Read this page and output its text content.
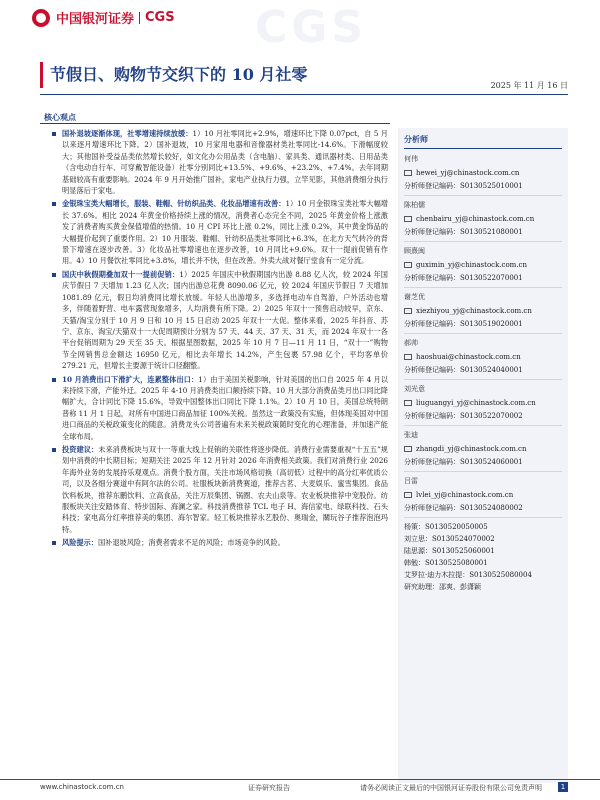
中国银河证券 CGS CGS
节假日、购物节交织下的 10 月社零
2025 年 11 月 16 日
核心观点
国补退坡逐渐体现，社零增速持续放缓：1）10 月社零同比+2.9%，增速环比下降 0.07pct，自 5 月以来逐月增速环比下降。2）国补退坡，10 月家用电器和音像器材类社零同比-14.6%。下滑幅度较大；其他国补受益品类依然增长较好，如文化办公用品类（含电脑）、家具类、通讯器材类、日用品类（含电动自行车、可穿戴智能设备）社零分别同比+13.5%、+9.6%、+23.2%、+7.4%。去年同期基础较高有重要影响。2024 年 9 月开始推广国补，家电产业执行力强，立竿见影，其他消费细分执行明显落后于家电。
金银珠宝类大幅增长，服装、鞋帽、针纺织品类、化妆品增速有改善：1）10 月金银珠宝类社零大幅增长 37.6%。相比 2024 年黄金价格持续上涨的情况，消费者心态完全不同，2025 年黄金价格上涨激发了消费者购买黄金保值增值的热情。10 月 CPI 环比上涨 0.2%，同比上涨 0.2%，其中黄金饰品的大幅提价起到了重要作用。2）10 月服装、鞋帽、针纺织品类社零同比+6.3%，在北方天气转冷的背景下增速在逐步改善。3）化妆品社零增速也在逐步改善，10 月同比+9.6%。双十一提前促销有作用。4）10 月餐饮社零同比+3.8%，增长并不快，但在改善。外卖大战对餐厅堂食有一定分流。
国庆中秋假期叠加双十一提前促销：1）2025 年国庆中秋假期国内出游 8.88 亿人次，较 2024 年国庆节假日 7 天增加 1.23 亿人次；国内出游总花费 8090.06 亿元，较 2024 年国庆节假日 7 天增加 1081.89 亿元，假日均消费同比增长放缓。年轻人出游增多，多选择电动车自驾游，户外活动也增多，伴随着野营、电车露营现象增多，人均消费有所下降。2）2025 年双十一预售启动较早，京东、天猫/淘宝分别于 10 月 9 日和 10 月 15 日启动 2025 年双十一大促。整体来看，2025 年抖音、苏宁、京东、淘宝/天猫双十一大促周期预计分别为 57 天、44 天、37 天、31 天，而 2024 年双十一各平台促销周期为 29 天至 35 天。根据星图数据，2025 年 10 月 7 日—11 月 11 日，“双十一”购物节全网销售总金额达 16950 亿元，相比去年增长 14.2%，产生包裹 57.98 亿个，平均客单价 279.21 元，但增长主要源于统计口径翻整。
10 月消费出口下滑扩大，连累整体出口：1）由于美国关税影响，针对美国的出口自 2025 年 4 月以来持续下滑，产能外迁。2025 年 4-10 月消费类出口额持续下降。10 月大部分消费品类月出口同比降幅扩大，合计同比下降 15.6%，导致中国整体出口同比下降 1.1%。2）10 月 10 日，美国总统特朗普称 11 月 1 日起，对所有中国进口商品加征 100%关税。虽然这一政策没有实施，但体现美国对中国进口商品的关税政策变化的随意。消费龙头公司普遍有未来关税政策随时变化的心理准备，并加速产能全球布局。
投资建议：未来消费板块与双十一等重大线上促销的关联性将逐步降低。消费行业需要重视“十五五”规划中消费的中长期目标；短期关注 2025 年 12 月针对 2026 年消费相关政策。我们对消费行业 2026 年海外业务的发展持乐观观点。消费个股方面，关注市场风格切换（高切低）过程中的高分红率优质公司，以及各细分赛道中有阿尔法的公司。社服板块新消费赛道，推荐古茗、大麦娱乐、蜜雪集团。食品饮料板块，推荐东鹏饮料、立高食品，关注万辰集团、锅圈、农夫山泉等。农业板块推荐中宠股份。纺服板块关注安踏体育、特步国际、海澜之家。科技消费推荐 TCL 电子 H、海信家电、绿联科技、石头科技；家电高分红率推荐美的集团、海尔智家。轻工板块推荐永艺股份、奥瑞金，關玩谷子推荐泡泡玛特。
风险提示：国补退坡风险；消费者需求不足的风险；市场竞争的风险。
分析师
何伟
hewei_yj@chinastock.com.cn
分析师登记编码：S0130525010001
陈柏儒
chenbairu_yj@chinastock.com.cn
分析师登记编码：S0130521080001
顾熹闽
guximin_yj@chinastock.com.cn
分析师登记编码：S0130522070001
谢芝优
xiezhiyou_yj@chinastock.com.cn
分析师登记编码：S0130519020001
郝帅
haoshuai@chinastock.com.cn
分析师登记编码：S0130524040001
刘光意
liuguangyi_yj@chinastock.com.cn
分析师登记编码：S0130522070002
张迪
zhangdi_yj@chinastock.com.cn
分析师登记编码：S0130524060001
吕雷
lvlei_yj@chinastock.com.cn
分析师登记编码：S0130524080002
杨策：S0130520050005
刘立思：S0130524070002
陆思源：S0130525060001
韩勉：S0130525080001
艾罗拉·迪力木拉提：S0130525080004
研究助理：邵爽、彭潇颖
www.chinastock.com.cn	证券研究报告	请务必阅读正文最后的中国银河证券股份有限公司免责声明	1
